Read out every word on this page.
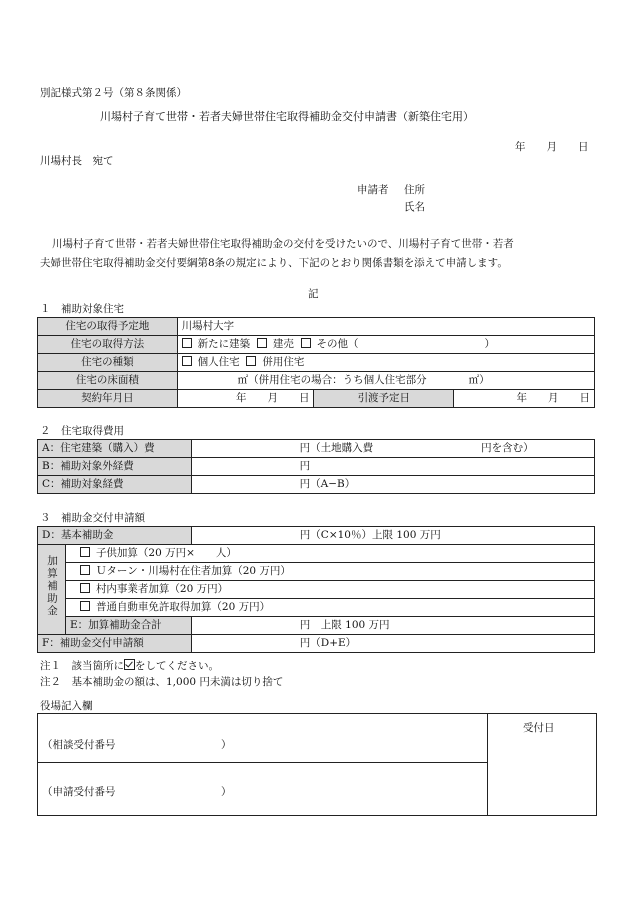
別記様式第２号（第８条関係）
川場村子育て世帯・若者夫婦世帯住宅取得補助金交付申請書（新築住宅用）
年　　月　　日
川場村長　宛て
申請者 住所
氏名
川場村子育て世帯・若者夫婦世帯住宅取得補助金の交付を受けたいので、川場村子育て世帯・若者
夫婦世帯住宅取得補助金交付要綱第8条の規定により、下記のとおり関係書類を添えて申請します。
記
１　補助対象住宅
住宅の取得予定地	川場村大字		
住宅の取得方法	新たに建築 建売 その他（　　　　　　　　　　　　）		
住宅の種類	個人住宅 併用住宅		
住宅の床面積	㎡（併用住宅の場合：うち個人住宅部分　　　　㎡）		
契約年月日	年　　月　　日	引渡予定日	年　　月　　日
２　住宅取得費用
A：住宅建築（購入）費	円（土地購入費 円を含む）
B：補助対象外経費	円
C：補助対象経費	円（A−B）
３　補助金交付申請額
D：基本補助金		円（C×10％）上限 100 万円
加算補助金	子供加算（20 万円×　　人）	
	Ｕターン・川場村在住者加算（20 万円）	
	村内事業者加算（20 万円）	
	普通自動車免許取得加算（20 万円）	
	E：加算補助金合計	円　上限 100 万円
F：補助金交付申請額		円（D+E）
注１　該当箇所に をしてください。
注２　基本補助金の額は、1,000 円未満は切り捨て
役場記入欄
（相談受付番号	）
（申請受付番号	）
受付日
